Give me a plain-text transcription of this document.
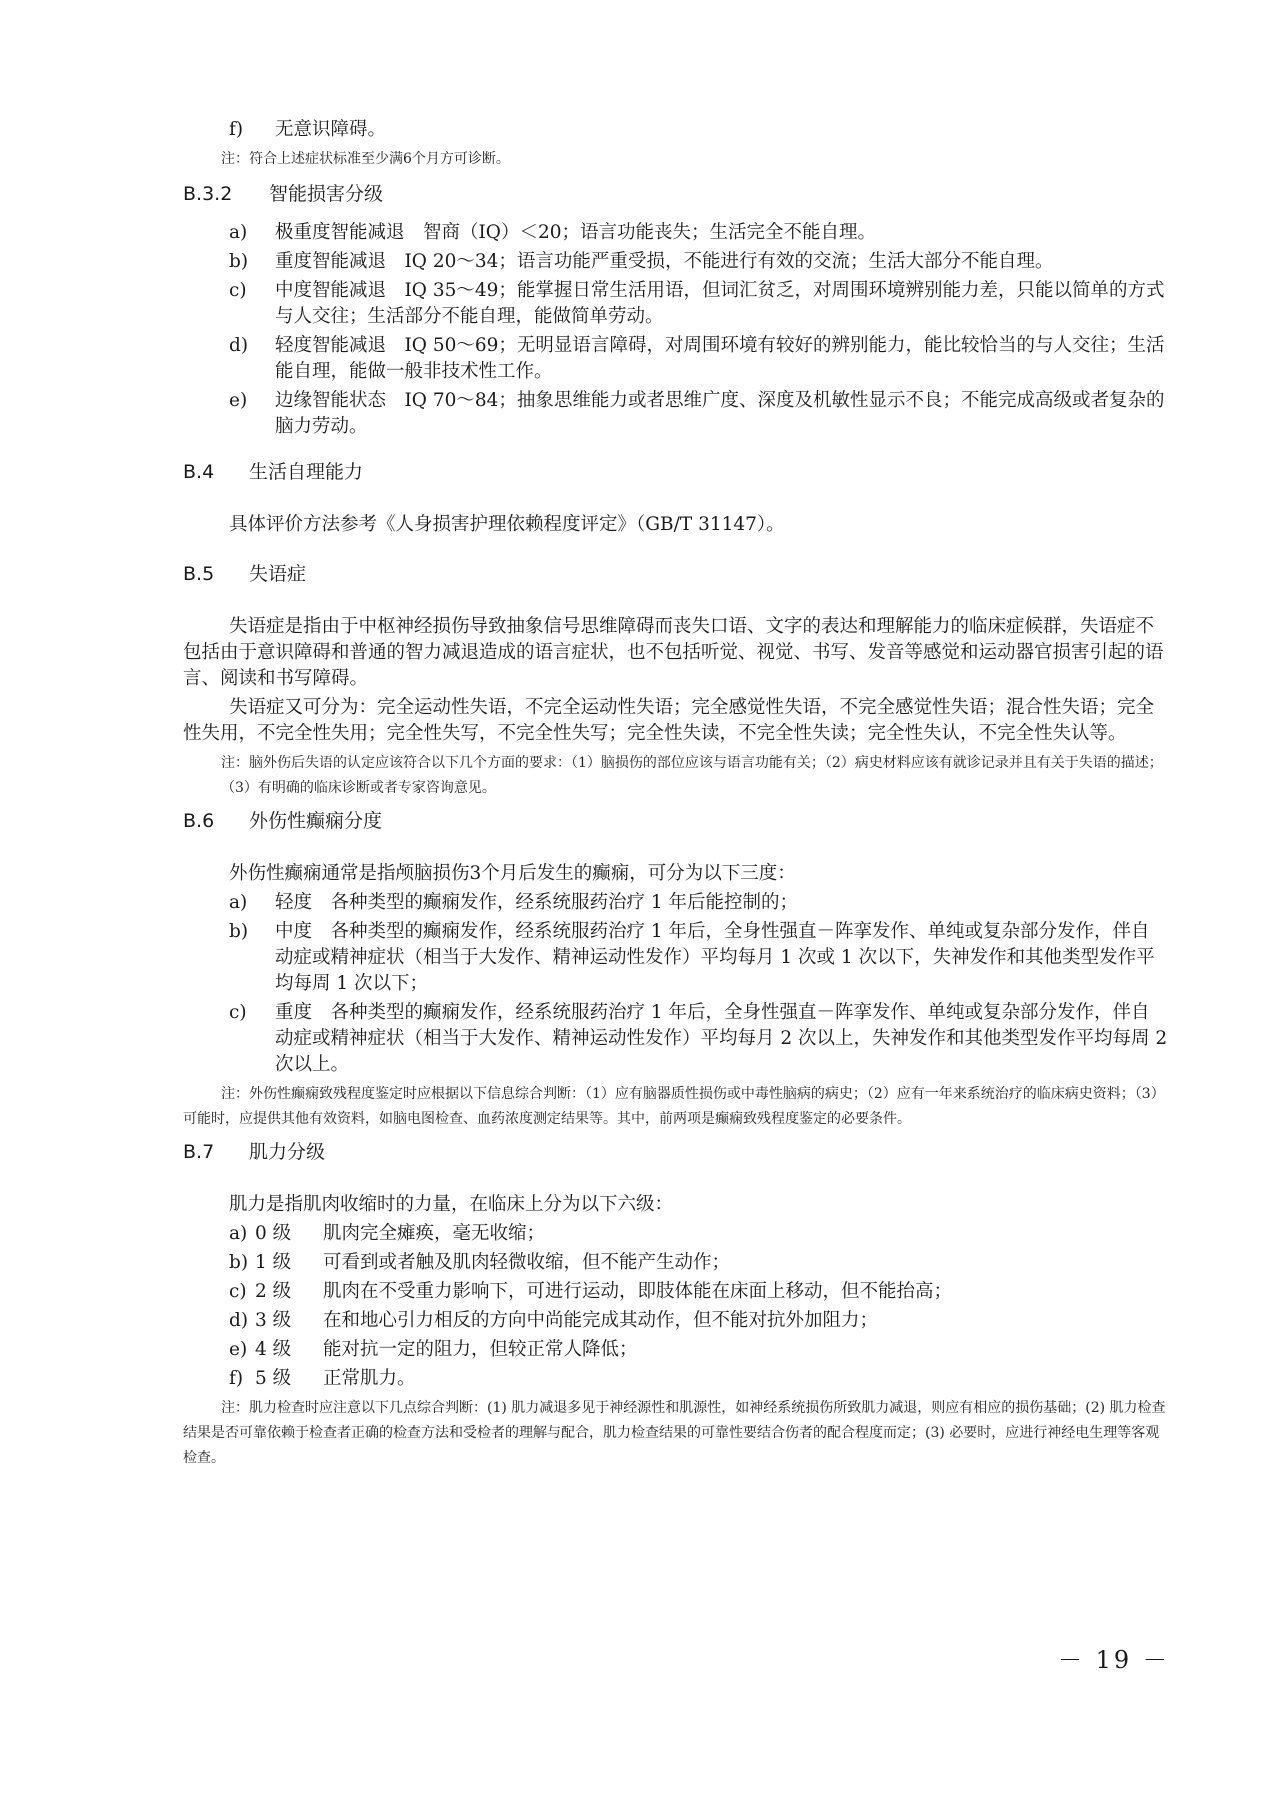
f)	无意识障碍。
注：符合上述症状标准至少满6个月方可诊断。
B.3.2 智能损害分级
a)	极重度智能减退　智商（IQ）＜20；语言功能丧失；生活完全不能自理。
b)	重度智能减退　IQ 20～34；语言功能严重受损，不能进行有效的交流；生活大部分不能自理。
c)	中度智能减退　IQ 35～49；能掌握日常生活用语，但词汇贫乏，对周围环境辨别能力差，只能以简单的方式与人交往；生活部分不能自理，能做简单劳动。
d)	轻度智能减退　IQ 50～69；无明显语言障碍，对周围环境有较好的辨别能力，能比较恰当的与人交往；生活能自理，能做一般非技术性工作。
e)	边缘智能状态　IQ 70～84；抽象思维能力或者思维广度、深度及机敏性显示不良；不能完成高级或者复杂的脑力劳动。
B.4 生活自理能力
具体评价方法参考《人身损害护理依赖程度评定》（GB/T 31147）。
B.5 失语症
失语症是指由于中枢神经损伤导致抽象信号思维障碍而丧失口语、文字的表达和理解能力的临床症候群，失语症不包括由于意识障碍和普通的智力减退造成的语言症状，也不包括听觉、视觉、书写、发音等感觉和运动器官损害引起的语言、阅读和书写障碍。
失语症又可分为：完全运动性失语，不完全运动性失语；完全感觉性失语，不完全感觉性失语；混合性失语；完全性失用，不完全性失用；完全性失写，不完全性失写；完全性失读，不完全性失读；完全性失认，不完全性失认等。
注：脑外伤后失语的认定应该符合以下几个方面的要求：（1）脑损伤的部位应该与语言功能有关；（2）病史材料应该有就诊记录并且有关于失语的描述；（3）有明确的临床诊断或者专家咨询意见。
B.6 外伤性癫痫分度
外伤性癫痫通常是指颅脑损伤3个月后发生的癫痫，可分为以下三度：
a)	轻度　各种类型的癫痫发作，经系统服药治疗 1 年后能控制的；
b)	中度　各种类型的癫痫发作，经系统服药治疗 1 年后，全身性强直－阵挛发作、单纯或复杂部分发作，伴自动症或精神症状（相当于大发作、精神运动性发作）平均每月 1 次或 1 次以下，失神发作和其他类型发作平均每周 1 次以下；
c)	重度　各种类型的癫痫发作，经系统服药治疗 1 年后，全身性强直－阵挛发作、单纯或复杂部分发作，伴自动症或精神症状（相当于大发作、精神运动性发作）平均每月 2 次以上，失神发作和其他类型发作平均每周 2 次以上。
注：外伤性癫痫致残程度鉴定时应根据以下信息综合判断：（1）应有脑器质性损伤或中毒性脑病的病史；（2）应有一年来系统治疗的临床病史资料；（3）可能时，应提供其他有效资料，如脑电图检查、血药浓度测定结果等。其中，前两项是癫痫致残程度鉴定的必要条件。
B.7 肌力分级
肌力是指肌肉收缩时的力量，在临床上分为以下六级：
a) 0 级 肌肉完全瘫痪，毫无收缩；
b) 1 级 可看到或者触及肌肉轻微收缩，但不能产生动作；
c) 2 级 肌肉在不受重力影响下，可进行运动，即肢体能在床面上移动，但不能抬高；
d) 3 级 在和地心引力相反的方向中尚能完成其动作，但不能对抗外加阻力；
e) 4 级 能对抗一定的阻力，但较正常人降低；
f) 5 级 正常肌力。
注：肌力检查时应注意以下几点综合判断：(1) 肌力减退多见于神经源性和肌源性，如神经系统损伤所致肌力减退，则应有相应的损伤基础；(2) 肌力检查结果是否可靠依赖于检查者正确的检查方法和受检者的理解与配合，肌力检查结果的可靠性要结合伤者的配合程度而定；(3) 必要时，应进行神经电生理等客观检查。
－ 19 －
